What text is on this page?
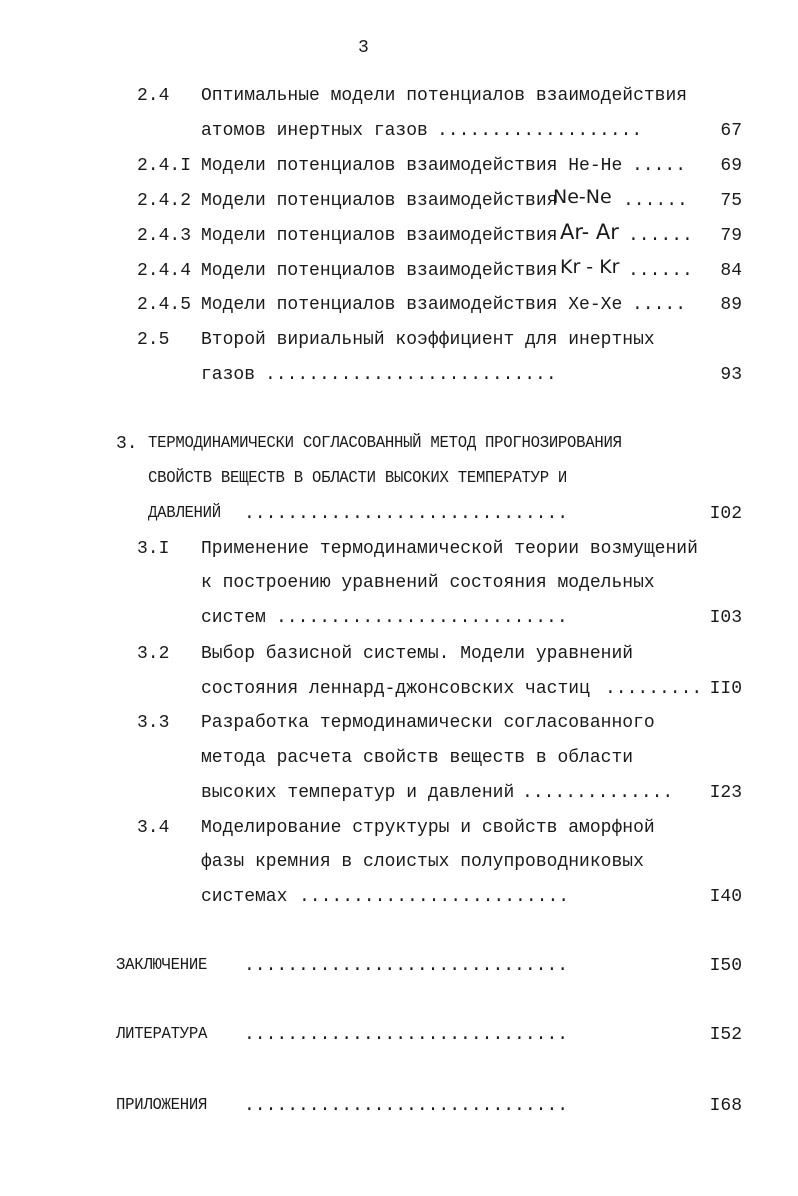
3
2.4 Оптимальные модели потенциалов взаимодействия
атомов инертных газов ...................	67
2.4.I Модели потенциалов взаимодействия He-He .....	69
2.4.2 Модели потенциалов взаимодействия
Ne-Ne ......	75
2.4.3 Модели потенциалов взаимодействия Ar- Ar ......	79
2.4.4 Модели потенциалов взаимодействия Kr - Kr ......	84
2.4.5 Модели потенциалов взаимодействия Xe-Xe .....	89
2.5 Второй вириальный коэффициент для инертных
газов ...........................	93
3. ТЕРМОДИНАМИЧЕСКИ СОГЛАСОВАННЫЙ МЕТОД ПРОГНОЗИРОВАНИЯ
СВОЙСТВ ВЕЩЕСТВ В ОБЛАСТИ ВЫСОКИХ ТЕМПЕРАТУР И
ДАВЛЕНИЙ ..............................	I02
3.I Применение термодинамической теории возмущений
к построению уравнений состояния модельных
систем ...........................	I03
3.2 Выбор базисной системы. Модели уравнений
состояния леннард-джонсовских частиц ......... II0
3.3 Разработка термодинамически согласованного
метода расчета свойств веществ в области
высоких температур и давлений ..............	I23
3.4 Моделирование структуры и свойств аморфной
фазы кремния в слоистых полупроводниковых
системах .........................	I40
ЗАКЛЮЧЕНИЕ ..............................	I50
ЛИТЕРАТУРА ..............................	I52
ПРИЛОЖЕНИЯ ..............................	I68
